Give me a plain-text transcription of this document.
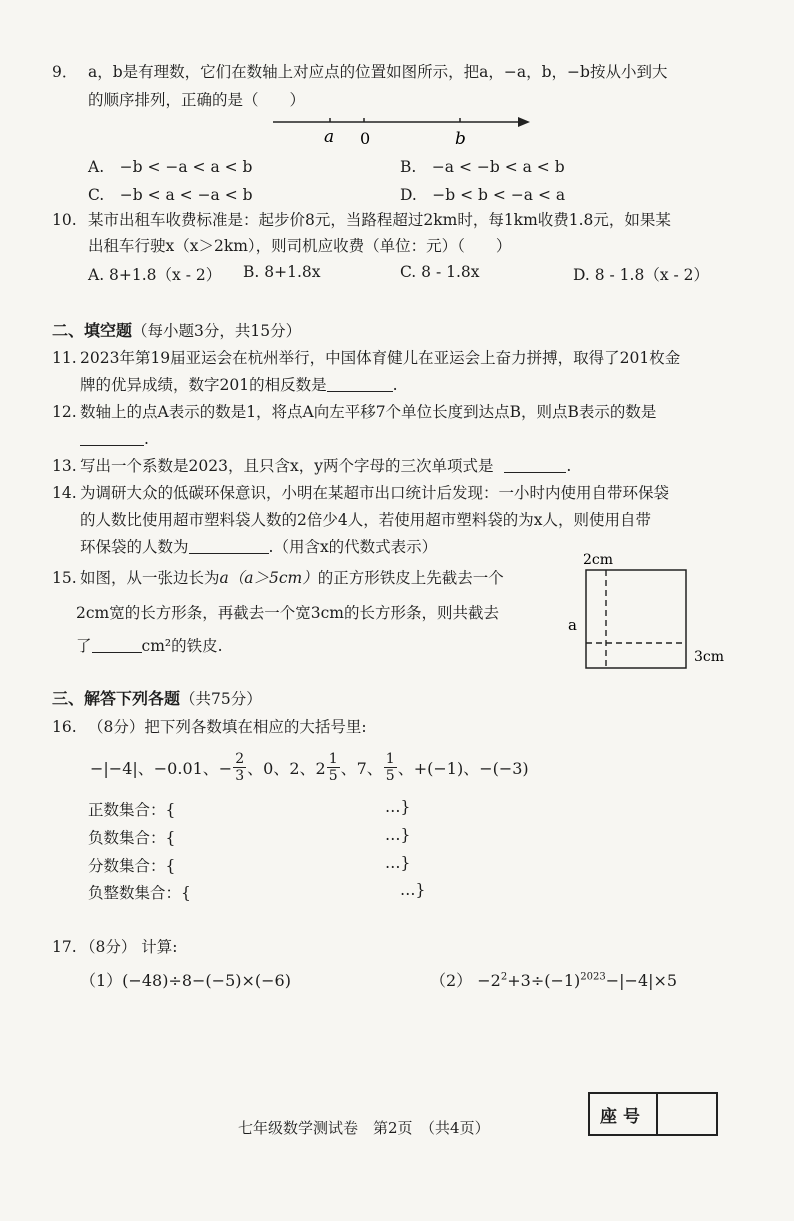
9． a，b是有理数，它们在数轴上对应点的位置如图所示，把a，−a，b，−b按从小到大
的顺序排列，正确的是（　　）
a 0	b
A.　−b < −a < a < b	B.　−a < −b < a < b
C.　−b < a < −a < b	D.　−b < b < −a < a
10. 某市出租车收费标准是：起步价8元，当路程超过2km时，每1km收费1.8元，如果某
出租车行驶x（x＞2km），则司机应收费（单位：元）（　　）
A. 8+1.8（x - 2） B. 8+1.8x	C. 8 - 1.8x	D. 8 - 1.8（x - 2）
二、填空题（每小题3分，共15分）
11. 2023年第19届亚运会在杭州举行，中国体育健儿在亚运会上奋力拼搏，取得了201枚金
牌的优异成绩，数字201的相反数是	.
12. 数轴上的点A表示的数是1，将点A向左平移7个单位长度到达点B，则点B表示的数是
.
13. 写出一个系数是2023，且只含x，y两个字母的三次单项式是	.
14. 为调研大众的低碳环保意识，小明在某超市出口统计后发现：一小时内使用自带环保袋
的人数比使用超市塑料袋人数的2倍少4人，若使用超市塑料袋的为x人，则使用自带
环保袋的人数为	.（用含x的代数式表示）
15. 如图，从一张边长为a（a＞5cm）的正方形铁皮上先截去一个
2cm宽的长方形条，再截去一个宽3cm的长方形条，则共截去
了	cm²的铁皮.
2cm
a
3cm
三、解答下列各题（共75分）
16. （8分）把下列各数填在相应的大括号里:
−|−4|、−0.01、− $\frac{2}{3}$ 、0、2、$2 \frac{1}{5}$ 、7、 $\frac{1}{5}$ 、+(−1)、−(−3)
正数集合：{	…}
负数集合：{	…}
分数集合：{	…}
负整数集合：{	…}
17. （8分） 计算:
（1）(−48)÷8−(−5)×(−6)	$(2) -2^2+3\div(-1)^{2023}-|-4|\times 5$
七年级数学测试卷　第2页　（共4页）
座号
